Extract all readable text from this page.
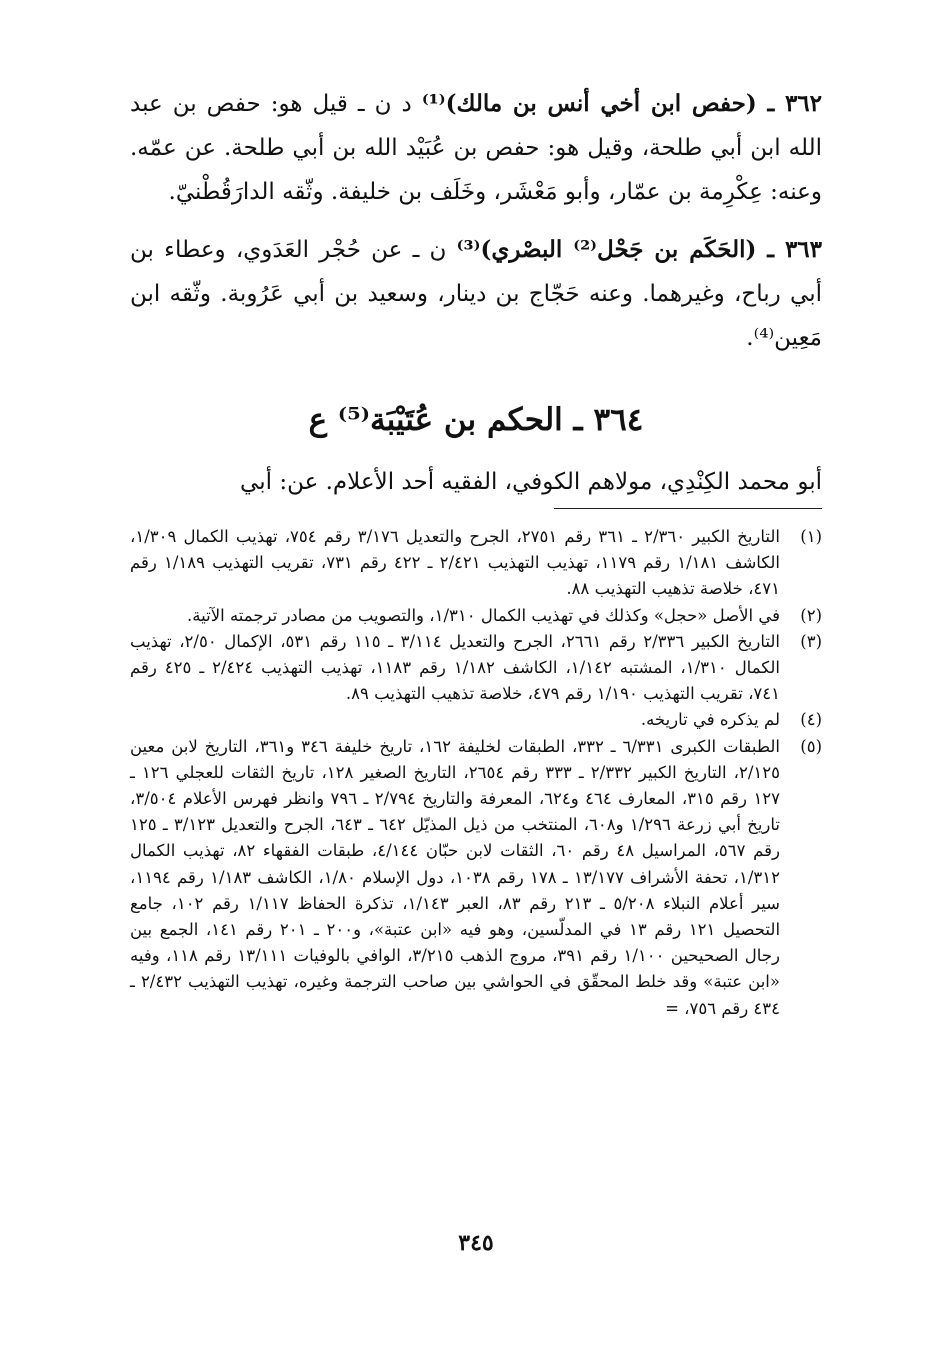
٣٦٢ ـ (حفص ابن أخي أنس بن مالك)⁽¹⁾ د ن ـ قيل هو: حفص بن عبد الله ابن أبي طلحة، وقيل هو: حفص بن عُبَيْد الله بن أبي طلحة. عن عمّه. وعنه: عِكْرِمة بن عمّار، وأبو مَعْشَر، وخَلَف بن خليفة. وثّقه الدارَقُطْنيّ.

٣٦٣ ـ (الحَكَم بن جَحْل⁽²⁾ البصْري)⁽³⁾ ن ـ عن حُجْر العَدَوي، وعطاء بن أبي رباح، وغيرهما. وعنه حَجّاج بن دينار، وسعيد بن أبي عَرُوبة. وثّقه ابن مَعِين⁽⁴⁾.

٣٦٤ ـ الحكم بن عُتَيْبَة⁽⁵⁾ ع

أبو محمد الكِنْدِي، مولاهم الكوفي، الفقيه أحد الأعلام. عن: أبي

(١)
التاريخ الكبير ٢/٣٦٠ ـ ٣٦١ رقم ٢٧٥١، الجرح والتعديل ٣/١٧٦ رقم ٧٥٤، تهذيب الكمال ١/٣٠٩، الكاشف ١/١٨١ رقم ١١٧٩، تهذيب التهذيب ٢/٤٢١ ـ ٤٢٢ رقم ٧٣١، تقريب التهذيب ١/١٨٩ رقم ٤٧١، خلاصة تذهيب التهذيب ٨٨.
(٢)
في الأصل «حجل» وكذلك في تهذيب الكمال ١/٣١٠، والتصويب من مصادر ترجمته الآتية.
(٣)
التاريخ الكبير ٢/٣٣٦ رقم ٢٦٦١، الجرح والتعديل ٣/١١٤ ـ ١١٥ رقم ٥٣١، الإكمال ٢/٥٠، تهذيب الكمال ١/٣١٠، المشتبه ١/١٤٢، الكاشف ١/١٨٢ رقم ١١٨٣، تهذيب التهذيب ٢/٤٢٤ ـ ٤٢٥ رقم ٧٤١، تقريب التهذيب ١/١٩٠ رقم ٤٧٩، خلاصة تذهيب التهذيب ٨٩.
(٤)
لم يذكره في تاريخه.
(٥)
الطبقات الكبرى ٦/٣٣١ ـ ٣٣٢، الطبقات لخليفة ١٦٢، تاريخ خليفة ٣٤٦ و٣٦١، التاريخ لابن معين ٢/١٢٥، التاريخ الكبير ٢/٣٣٢ ـ ٣٣٣ رقم ٢٦٥٤، التاريخ الصغير ١٢٨، تاريخ الثقات للعجلي ١٢٦ ـ ١٢٧ رقم ٣١٥، المعارف ٤٦٤ و٦٢٤، المعرفة والتاريخ ٢/٧٩٤ ـ ٧٩٦ وانظر فهرس الأعلام ٣/٥٠٤، تاريخ أبي زرعة ١/٢٩٦ و٦٠٨، المنتخب من ذيل المذيّل ٦٤٢ ـ ٦٤٣، الجرح والتعديل ٣/١٢٣ ـ ١٢٥ رقم ٥٦٧، المراسيل ٤٨ رقم ٦٠، الثقات لابن حبّان ٤/١٤٤، طبقات الفقهاء ٨٢، تهذيب الكمال ١/٣١٢، تحفة الأشراف ١٣/١٧٧ ـ ١٧٨ رقم ١٠٣٨، دول الإسلام ١/٨٠، الكاشف ١/١٨٣ رقم ١١٩٤، سير أعلام النبلاء ٥/٢٠٨ ـ ٢١٣ رقم ٨٣، العبر ١/١٤٣، تذكرة الحفاظ ١/١١٧ رقم ١٠٢، جامع التحصيل ١٢١ رقم ١٣ في المدلّسين، وهو فيه «ابن عتبة»، و٢٠٠ ـ ٢٠١ رقم ١٤١، الجمع بين رجال الصحيحين ١/١٠٠ رقم ٣٩١، مروج الذهب ٣/٢١٥، الوافي بالوفيات ١٣/١١١ رقم ١١٨، وفيه «ابن عتبة» وقد خلط المحقّق في الحواشي بين صاحب الترجمة وغيره، تهذيب التهذيب ٢/٤٣٢ ـ ٤٣٤ رقم ٧٥٦، =
٣٤٥
